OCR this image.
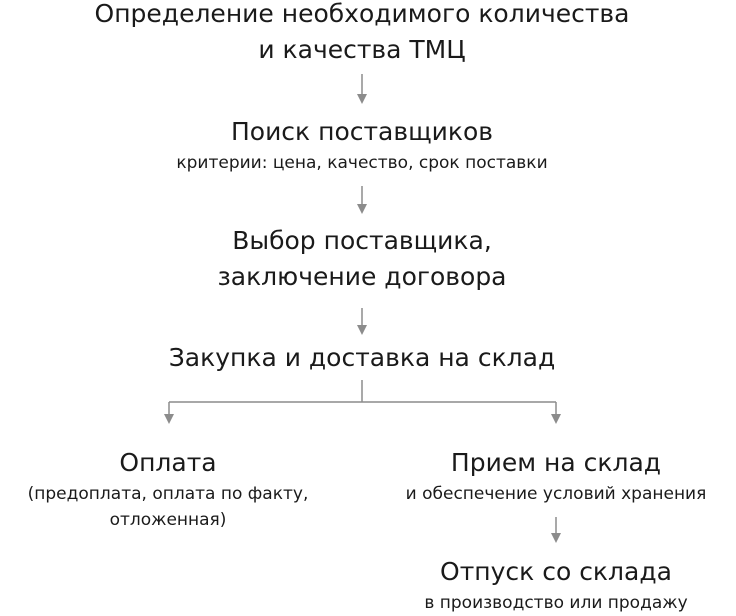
Определение необходимого количества
и качества ТМЦ
Поиск поставщиков
критерии: цена, качество, срок поставки
Выбор поставщика,
заключение договора
Закупка и доставка на склад
Оплата
(предоплата, оплата по факту,
отложенная)
Прием на склад
и обеспечение условий хранения
Отпуск со склада
в производство или продажу
